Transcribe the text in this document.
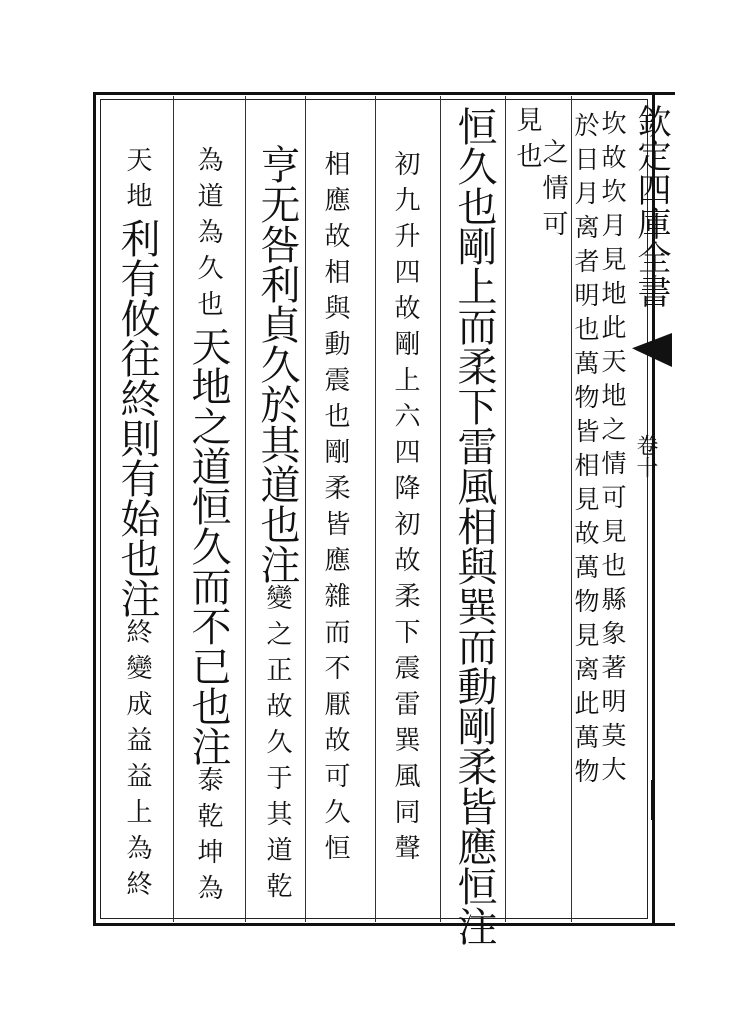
欽定四庫全書
卷十
天地利有攸往終則有始也注終變成益益上為終
為道為久也天地之道恒久而不已也注泰乾坤為
亨无咎利貞久於其道也注變之正故久于其道乾 相應故相與動震也剛柔皆應雜而不厭故可久恒 初九升四故剛上六四降初故柔下震雷巽風同聲 恒久也剛上而柔下雷風相與巽而動剛柔皆應恒注 見也
之情可 坎故坎月見地此天地之情可見也縣象著明莫大
於日月离者明也萬物皆相見故萬物見离此萬物
